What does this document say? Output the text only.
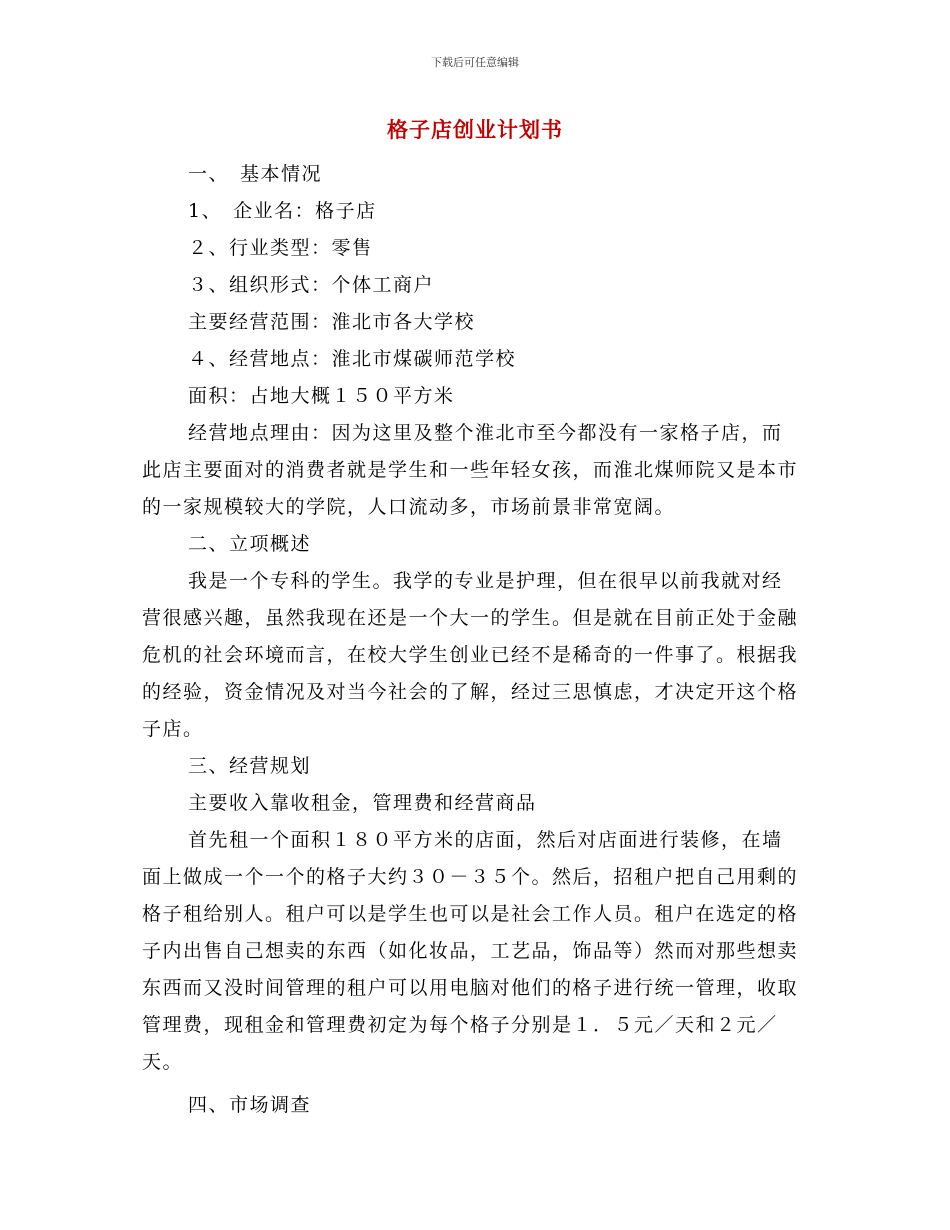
下载后可任意编辑
格子店创业计划书

一、　基本情况

1、　企业名：格子店

２、行业类型：零售

３、组织形式：个体工商户

主要经营范围：淮北市各大学校

４、经营地点：淮北市煤碳师范学校

面积：占地大概１５０平方米

经营地点理由：因为这里及整个淮北市至今都没有一家格子店，而此店主要面对的消费者就是学生和一些年轻女孩，而淮北煤师院又是本市的一家规模较大的学院，人口流动多，市场前景非常宽阔。

二、立项概述

我是一个专科的学生。我学的专业是护理，但在很早以前我就对经营很感兴趣，虽然我现在还是一个大一的学生。但是就在目前正处于金融危机的社会环境而言，在校大学生创业已经不是稀奇的一件事了。根据我的经验，资金情况及对当今社会的了解，经过三思慎虑，才决定开这个格子店。

三、经营规划

主要收入靠收租金，管理费和经营商品

首先租一个面积１８０平方米的店面，然后对店面进行装修，在墙面上做成一个一个的格子大约３０－３５个。然后，招租户把自己用剩的格子租给别人。租户可以是学生也可以是社会工作人员。租户在选定的格子内出售自己想卖的东西（如化妆品，工艺品，饰品等）然而对那些想卖东西而又没时间管理的租户可以用电脑对他们的格子进行统一管理，收取管理费，现租金和管理费初定为每个格子分别是１．５元／天和２元／天。

四、市场调查
